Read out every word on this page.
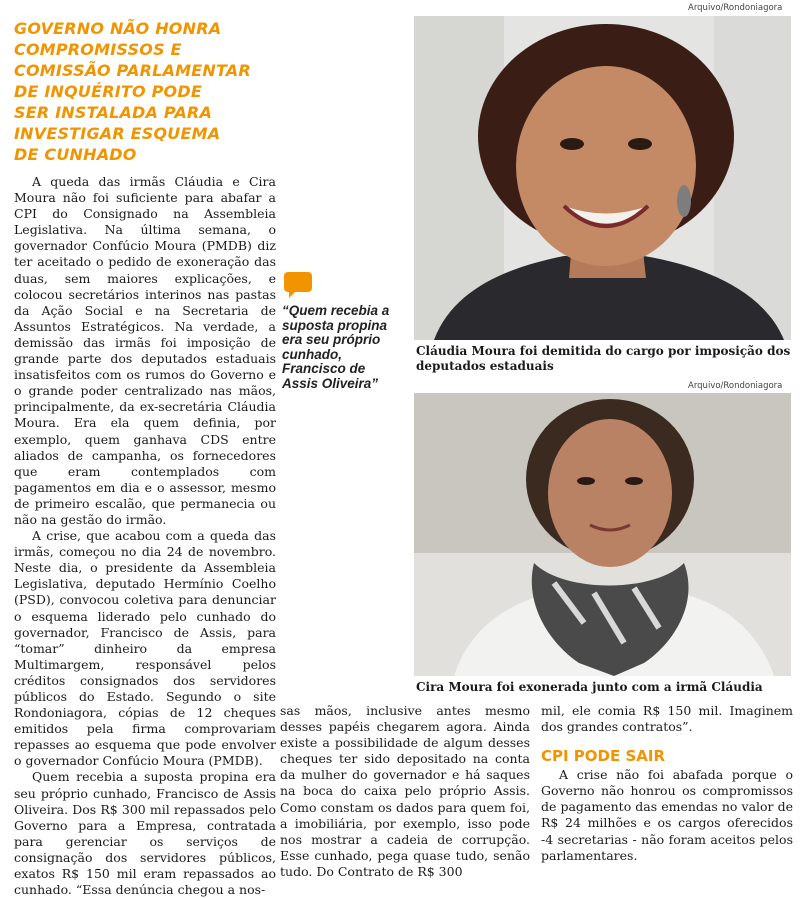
GOVERNO NÃO HONRA
COMPROMISSOS E
COMISSÃO PARLAMENTAR
DE INQUÉRITO PODE
SER INSTALADA PARA
INVESTIGAR ESQUEMA
DE CUNHADO

A queda das irmãs Cláudia e Cira Moura não foi suficiente para abafar a CPI do Consignado na Assembleia Legislativa. Na última semana, o governador Confúcio Moura (PMDB) diz ter aceitado o pedido de exoneração das duas, sem maiores explicações, e colocou secretários interinos nas pastas da Ação Social e na Secretaria de Assuntos Estratégicos. Na verdade, a demissão das irmãs foi imposição de grande parte dos deputados estaduais insatisfeitos com os rumos do Governo e o grande poder centralizado nas mãos, principalmente, da ex-secretária Cláudia Moura. Era ela quem definia, por exemplo, quem ganhava CDS entre aliados de campanha, os fornecedores que eram contemplados com pagamentos em dia e o assessor, mesmo de primeiro escalão, que permanecia ou não na gestão do irmão.

A crise, que acabou com a queda das irmãs, começou no dia 24 de novembro. Neste dia, o presidente da Assembleia Legislativa, deputado Hermínio Coelho (PSD), convocou coletiva para denunciar o esquema liderado pelo cunhado do governador, Francisco de Assis, para “tomar” dinheiro da empresa Multimargem, responsável pelos créditos consignados dos servidores públicos do Estado. Segundo o site Rondoniagora, cópias de 12 cheques emitidos pela firma comprovariam repasses ao esquema que pode envolver o governador Confúcio Moura (PMDB).

Quem recebia a suposta propina era seu próprio cunhado, Francisco de Assis Oliveira. Dos R$ 300 mil repassados pelo Governo para a Empresa, contratada para gerenciar os serviços de consignação dos servidores públicos, exatos R$ 150 mil eram repassados ao cunhado. “Essa denúncia chegou a nos-

“Quem recebia a suposta propina era seu próprio cunhado, Francisco de Assis Oliveira”
Arquivo/Rondoniagora
Cláudia Moura foi demitida do cargo por imposição dos deputados estaduais
Arquivo/Rondoniagora
Cira Moura foi exonerada junto com a irmã Cláudia

sas mãos, inclusive antes mesmo desses papéis chegarem agora. Ainda existe a possibilidade de algum desses cheques ter sido depositado na conta da mulher do governador e há saques na boca do caixa pelo próprio Assis. Como constam os dados para quem foi, a imobiliária, por exemplo, isso pode nos mostrar a cadeia de corrupção. Esse cunhado, pega quase tudo, senão tudo. Do Contrato de R$ 300

mil, ele comia R$ 150 mil. Imaginem dos grandes contratos”.

CPI PODE SAIR

A crise não foi abafada porque o Governo não honrou os compromissos de pagamento das emendas no valor de R$ 24 milhões e os cargos oferecidos -4 secretarias - não foram aceitos pelos parlamentares.
